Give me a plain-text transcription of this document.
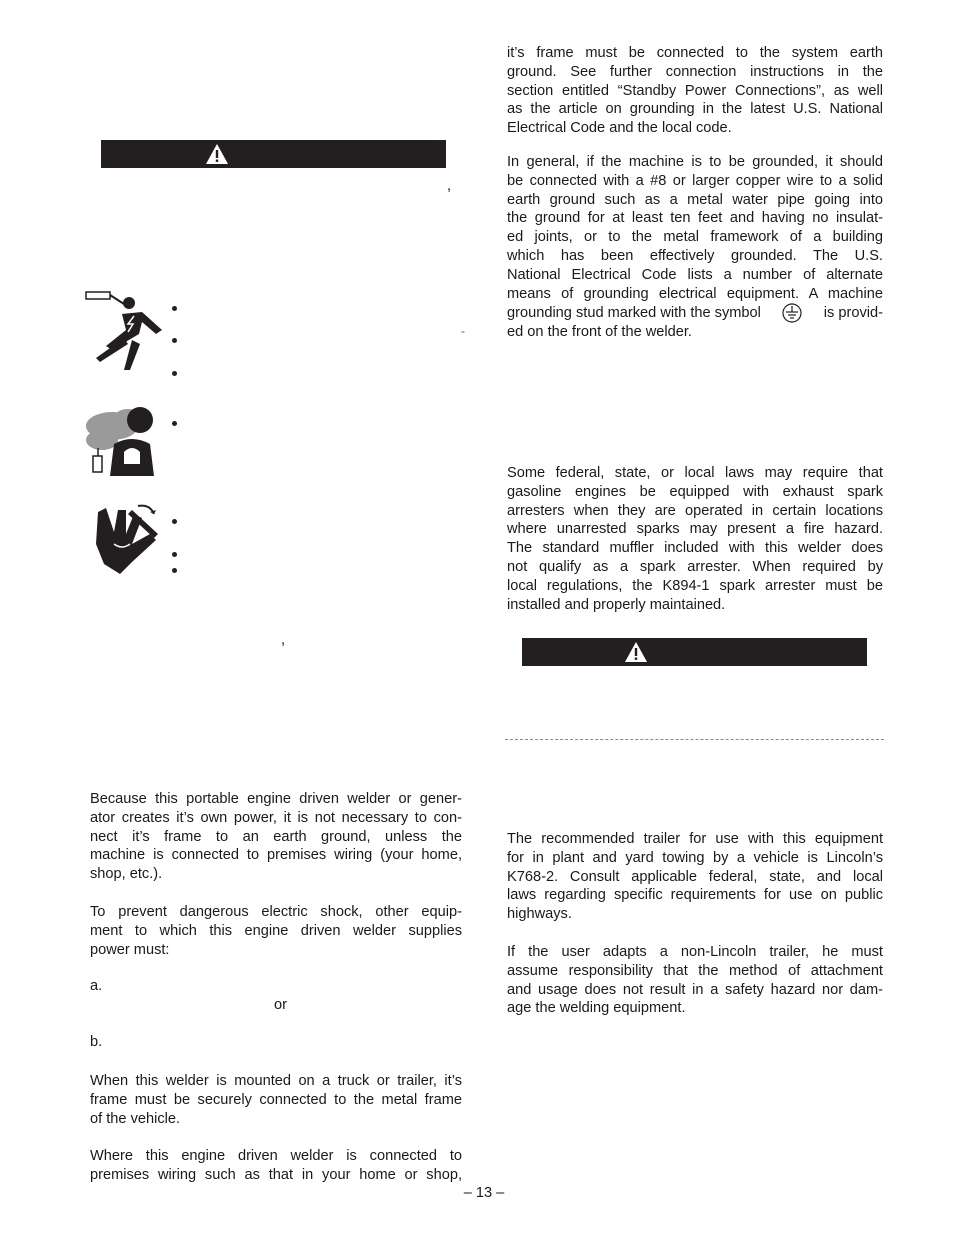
,
-
,
Because this portable engine driven welder or gener-
ator creates it’s own power, it is not necessary to con-
nect it’s frame to an earth ground, unless the
machine is connected to premises wiring (your home,
shop, etc.).
To prevent dangerous electric shock, other equip-
ment to which this engine driven welder supplies
power must:
a.
or
b.
When this welder is mounted on a truck or trailer, it’s
frame must be securely connected to the metal frame
of the vehicle.
Where this engine driven welder is connected to
premises wiring such as that in your home or shop,
it’s frame must be connected to the system earth
ground. See further connection instructions in the
section entitled “Standby Power Connections”, as well
as the article on grounding in the latest U.S. National
Electrical Code and the local code.
In general, if the machine is to be grounded, it should
be connected with a #8 or larger copper wire to a solid
earth ground such as a metal water pipe going into
the ground for at least ten feet and having no insulat-
ed joints, or to the metal framework of a building
which has been effectively grounded. The U.S.
National Electrical Code lists a number of alternate
means of grounding electrical equipment. A machine
grounding stud marked with the symbol	is provid-
ed on the front of the welder.
Some federal, state, or local laws may require that
gasoline engines be equipped with exhaust spark
arresters when they are operated in certain locations
where unarrested sparks may present a fire hazard.
The standard muffler included with this welder does
not qualify as a spark arrester. When required by
local regulations, the K894-1 spark arrester must be
installed and properly maintained.
The recommended trailer for use with this equipment
for in plant and yard towing by a vehicle is Lincoln’s
K768-2. Consult applicable federal, state, and local
laws regarding specific requirements for use on public
highways.
If the user adapts a non-Lincoln trailer, he must
assume responsibility that the method of attachment
and usage does not result in a safety hazard nor dam-
age the welding equipment.
– 13 –
